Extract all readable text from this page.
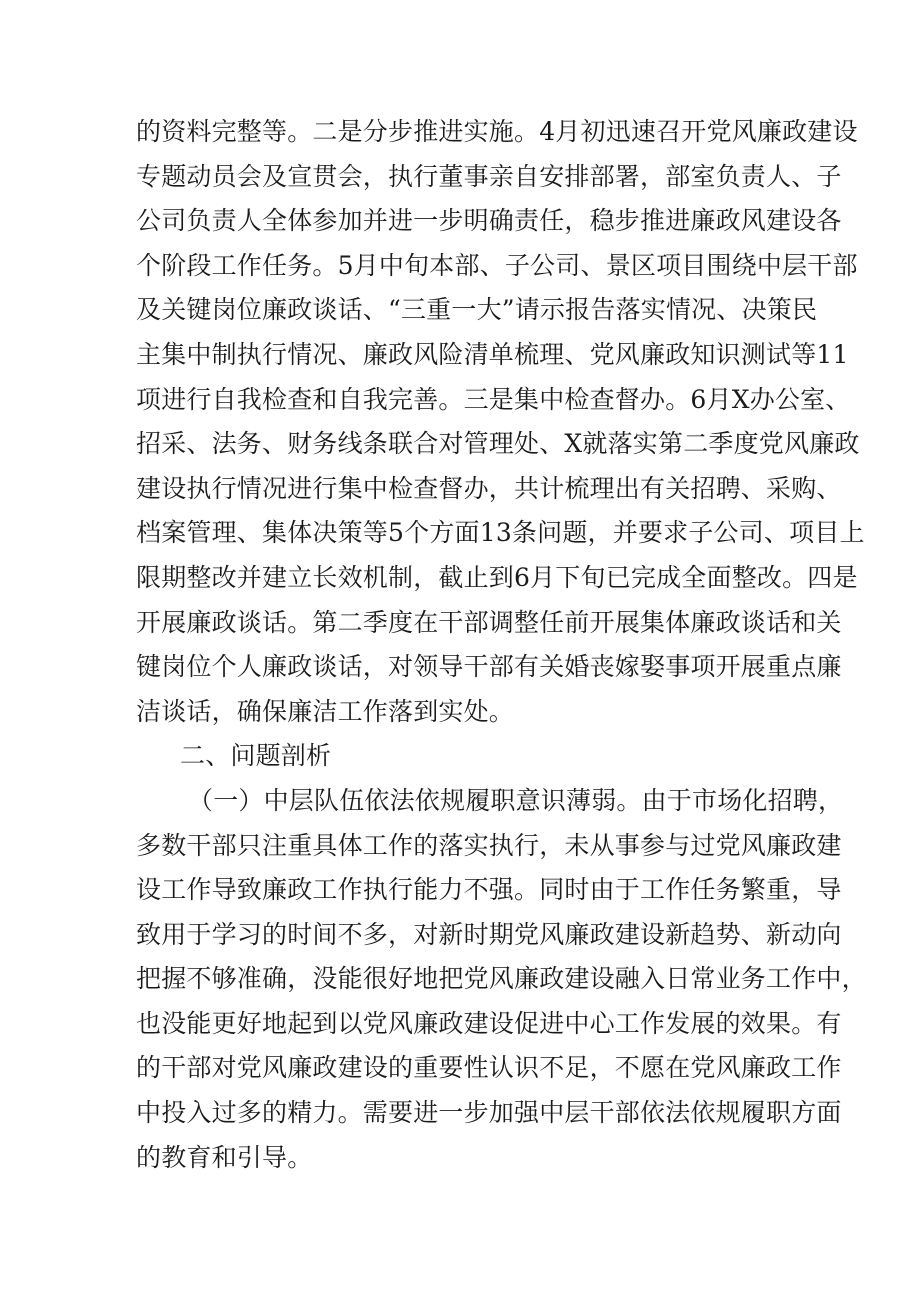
的资料完整等。二是分步推进实施。4月初迅速召开党风廉政建设
专题动员会及宣贯会，执行董事亲自安排部署，部室负责人、子
公司负责人全体参加并进一步明确责任，稳步推进廉政风建设各
个阶段工作任务。5月中旬本部、子公司、景区项目围绕中层干部
及关键岗位廉政谈话、“三重一大”请示报告落实情况、决策民
主集中制执行情况、廉政风险清单梳理、党风廉政知识测试等11
项进行自我检查和自我完善。三是集中检查督办。6月X办公室、
招采、法务、财务线条联合对管理处、X就落实第二季度党风廉政
建设执行情况进行集中检查督办，共计梳理出有关招聘、采购、
档案管理、集体决策等5个方面13条问题，并要求子公司、项目上
限期整改并建立长效机制，截止到6月下旬已完成全面整改。四是
开展廉政谈话。第二季度在干部调整任前开展集体廉政谈话和关
键岗位个人廉政谈话，对领导干部有关婚丧嫁娶事项开展重点廉
洁谈话，确保廉洁工作落到实处。
二、问题剖析
（一）中层队伍依法依规履职意识薄弱。由于市场化招聘，
多数干部只注重具体工作的落实执行，未从事参与过党风廉政建
设工作导致廉政工作执行能力不强。同时由于工作任务繁重，导
致用于学习的时间不多，对新时期党风廉政建设新趋势、新动向
把握不够准确，没能很好地把党风廉政建设融入日常业务工作中，
也没能更好地起到以党风廉政建设促进中心工作发展的效果。有
的干部对党风廉政建设的重要性认识不足，不愿在党风廉政工作
中投入过多的精力。需要进一步加强中层干部依法依规履职方面
的教育和引导。
